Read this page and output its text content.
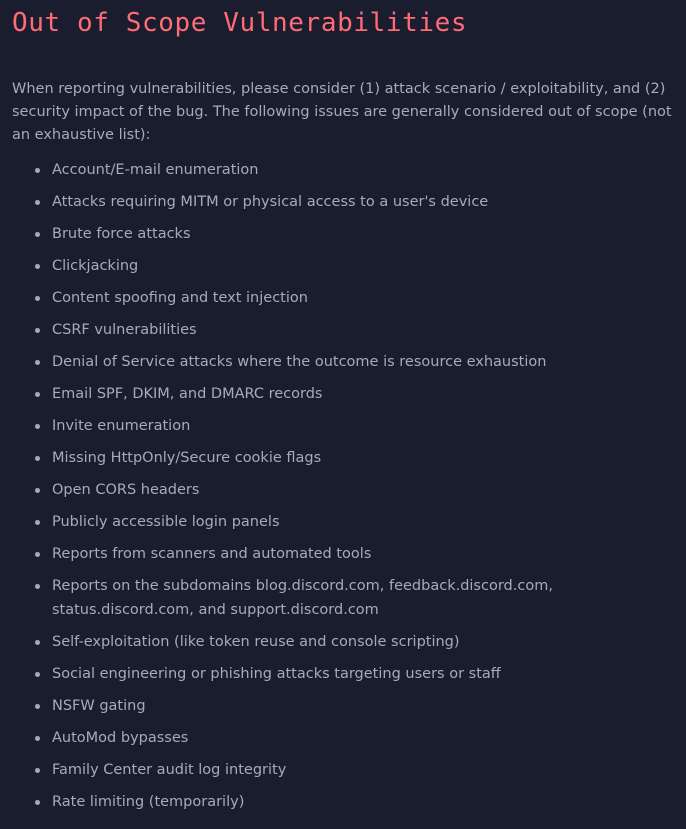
Out of Scope Vulnerabilities

When reporting vulnerabilities, please consider (1) attack scenario / exploitability, and (2) security impact of the bug. The following issues are generally considered out of scope (not an exhaustive list):

Account/E-mail enumeration
Attacks requiring MITM or physical access to a user's device
Brute force attacks
Clickjacking
Content spoofing and text injection
CSRF vulnerabilities
Denial of Service attacks where the outcome is resource exhaustion
Email SPF, DKIM, and DMARC records
Invite enumeration
Missing HttpOnly/Secure cookie flags
Open CORS headers
Publicly accessible login panels
Reports from scanners and automated tools
Reports on the subdomains blog.discord.com, feedback.discord.com, status.discord.com, and support.discord.com
Self-exploitation (like token reuse and console scripting)
Social engineering or phishing attacks targeting users or staff
NSFW gating
AutoMod bypasses
Family Center audit log integrity
Rate limiting (temporarily)
